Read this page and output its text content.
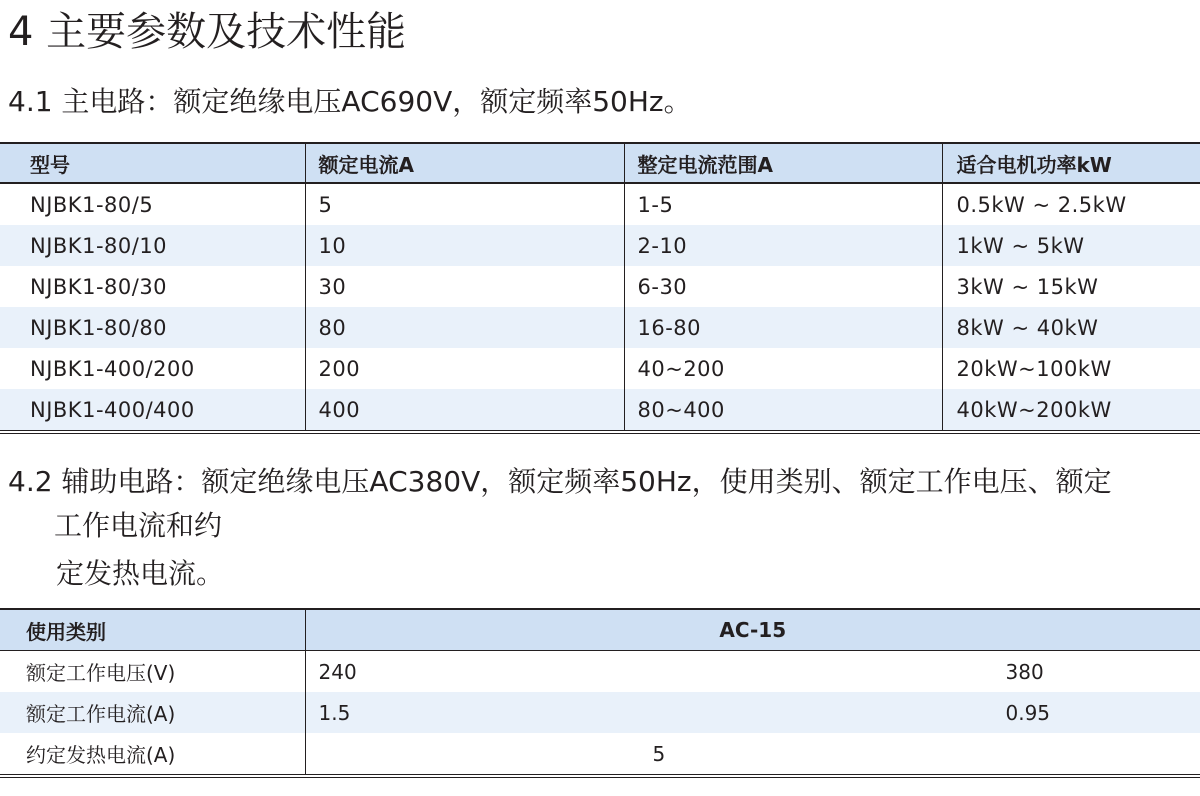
4 主要参数及技术性能
4.1 主电路：额定绝缘电压AC690V，额定频率50Hz。
型号	额定电流A	整定电流范围A	适合电机功率kW
NJBK1-80/5	5	1-5	0.5kW ~ 2.5kW
NJBK1-80/10	10	2-10	1kW ~ 5kW
NJBK1-80/30	30	6-30	3kW ~ 15kW
NJBK1-80/80	80	16-80	8kW ~ 40kW
NJBK1-400/200	200	40~200	20kW~100kW
NJBK1-400/400	400	80~400	40kW~200kW
4.2 辅助电路：额定绝缘电压AC380V，额定频率50Hz，使用类别、额定工作电压、额定
工作电流和约
定发热电流。
使用类别	AC-15
额定工作电压(V)	240 380

额定工作电流(A)	1.5 0.95

约定发热电流(A)	5
